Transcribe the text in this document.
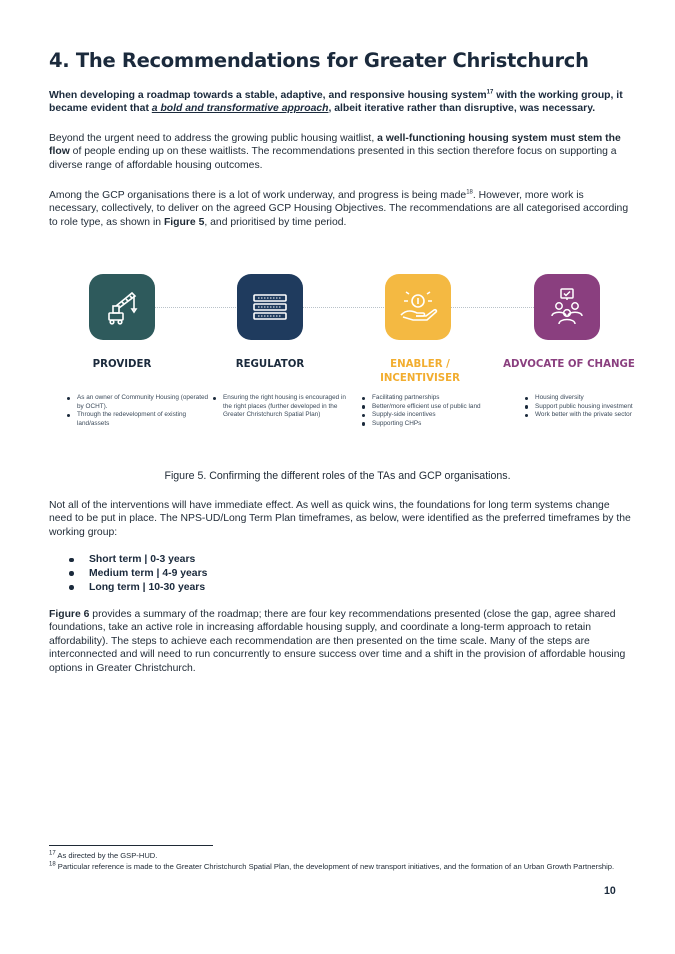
4. The Recommendations for Greater Christchurch

When developing a roadmap towards a stable, adaptive, and responsive housing system$^{17}$ with the working group, it became evident that a bold and transformative approach, albeit iterative rather than disruptive, was necessary.

Beyond the urgent need to address the growing public housing waitlist, a well-functioning housing system must stem the flow of people ending up on these waitlists. The recommendations presented in this section therefore focus on supporting a diverse range of affordable housing outcomes.

Among the GCP organisations there is a lot of work underway, and progress is being made$^{18}$. However, more work is necessary, collectively, to deliver on the agreed GCP Housing Objectives. The recommendations are all categorised according to role type, as shown in Figure 5, and prioritised by time period.

PROVIDER
As an owner of Community Housing (operated by OCHT).
Through the redevelopment of existing land/assets
REGULATOR
Ensuring the right housing is encouraged in the right places (further developed in the Greater Christchurch Spatial Plan)
ENABLER / INCENTIVISER
Facilitating partnerships
Better/more efficient use of public land
Supply-side incentives
Supporting CHPs
ADVOCATE OF CHANGE
Housing diversity
Support public housing investment
Work better with the private sector
Figure 5. Confirming the different roles of the TAs and GCP organisations.

Not all of the interventions will have immediate effect. As well as quick wins, the foundations for long term systems change need to be put in place. The NPS-UD/Long Term Plan timeframes, as below, were identified as the preferred timeframes by the working group:

Short term | 0-3 years
Medium term | 4-9 years
Long term | 10-30 years

Figure 6 provides a summary of the roadmap; there are four key recommendations presented (close the gap, agree shared foundations, take an active role in increasing affordable housing supply, and coordinate a long-term approach to retain affordability). The steps to achieve each recommendation are then presented on the time scale. Many of the steps are interconnected and will need to run concurrently to ensure success over time and a shift in the provision of affordable housing options in Greater Christchurch.

$^{17}$ As directed by the GSP-HUD.

$^{18}$ Particular reference is made to the Greater Christchurch Spatial Plan, the development of new transport initiatives, and the formation of an Urban Growth Partnership.

10
